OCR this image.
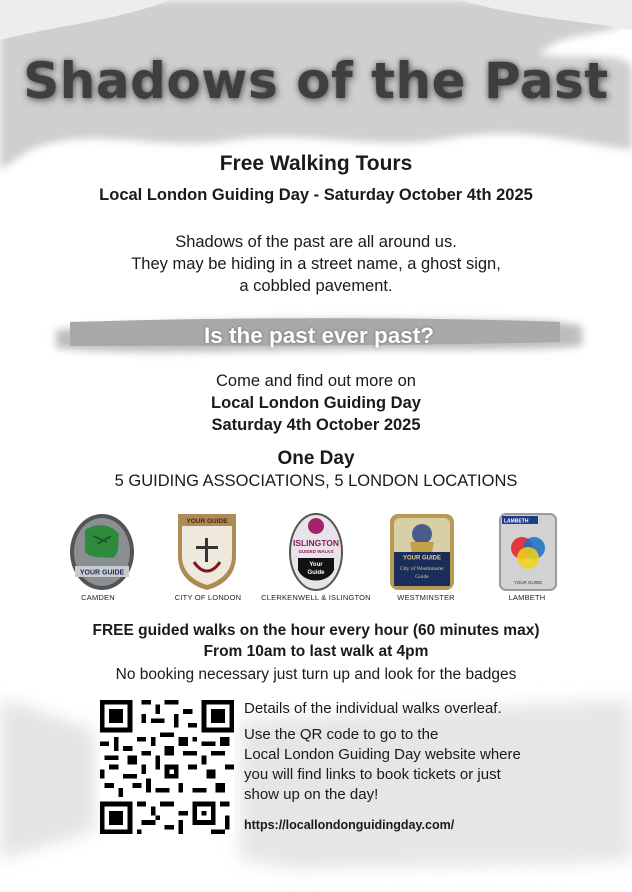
Shadows of the Past
Free Walking Tours
Local London Guiding Day - Saturday October 4th 2025
Shadows of the past are all around us.
They may be hiding in a street name, a ghost sign,
a cobbled pavement.
Is the past ever past?
Come and find out more on
Local London Guiding Day
Saturday 4th October 2025
One Day
5 GUIDING ASSOCIATIONS, 5 LONDON LOCATIONS
YOUR GUIDE
YOUR GUIDE
ISLINGTON
GUIDED WALKS
Your
Guide
YOUR GUIDE
City of Westminster
Guide
LAMBETH
YOUR GUIDE
CAMDEN	CITY OF LONDON	CLERKENWELL & ISLINGTON	WESTMINSTER	LAMBETH
FREE guided walks on the hour every hour (60 minutes max)
From 10am to last walk at 4pm
No booking necessary just turn up and look for the badges
Details of the individual walks overleaf.
Use the QR code to go to the
Local London Guiding Day website where
you will find links to book tickets or just
show up on the day!
https://locallondonguidingday.com/
